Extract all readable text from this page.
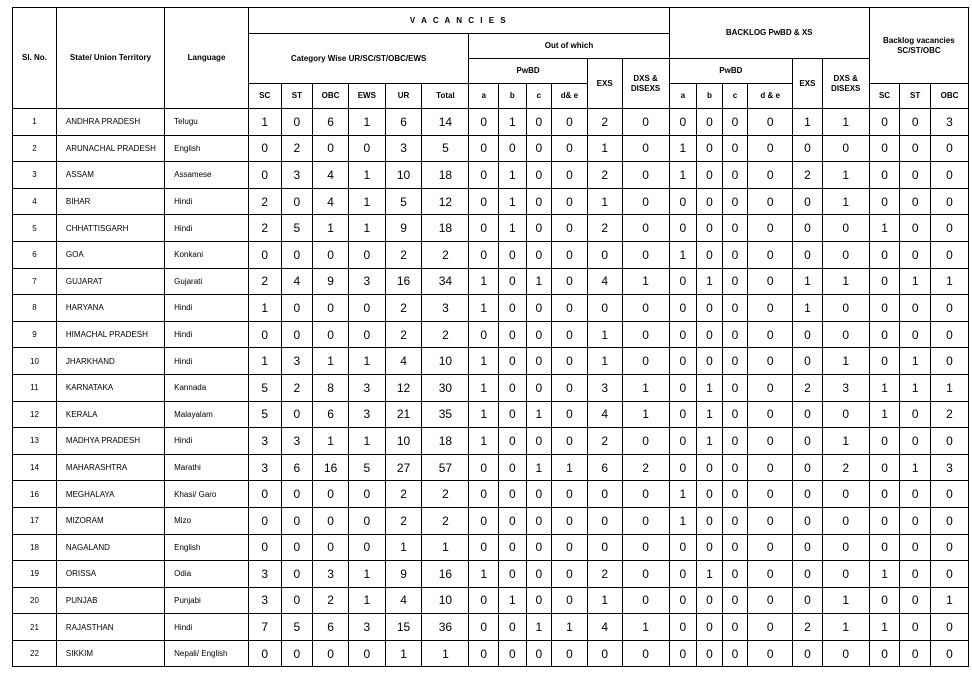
Sl. No.	State/ Union Territory	Language	V A C A N C I E S												BACKLOG PwBD & XS						Backlog vacancies SC/ST/OBC		
			Category Wise UR/SC/ST/OBC/EWS						Out of which														
									PwBD				EXS	DXS & DISEXS	PwBD				EXS	DXS & DISEXS			
			SC	ST	OBC	EWS	UR	Total	a	b	c	d& e			a	b	c	d & e			SC	ST	OBC
1	ANDHRA PRADESH	Telugu	1	0	6	1	6	14	0	1	0	0	2	0	0	0	0	0	1	1	0	0	3
2	ARUNACHAL PRADESH	English	0	2	0	0	3	5	0	0	0	0	1	0	1	0	0	0	0	0	0	0	0
3	ASSAM	Assamese	0	3	4	1	10	18	0	1	0	0	2	0	1	0	0	0	2	1	0	0	0
4	BIHAR	Hindi	2	0	4	1	5	12	0	1	0	0	1	0	0	0	0	0	0	1	0	0	0
5	CHHATTISGARH	Hindi	2	5	1	1	9	18	0	1	0	0	2	0	0	0	0	0	0	0	1	0	0
6	GOA	Konkani	0	0	0	0	2	2	0	0	0	0	0	0	1	0	0	0	0	0	0	0	0
7	GUJARAT	Gujarati	2	4	9	3	16	34	1	0	1	0	4	1	0	1	0	0	1	1	0	1	1
8	HARYANA	Hindi	1	0	0	0	2	3	1	0	0	0	0	0	0	0	0	0	1	0	0	0	0
9	HIMACHAL PRADESH	Hindi	0	0	0	0	2	2	0	0	0	0	1	0	0	0	0	0	0	0	0	0	0
10	JHARKHAND	Hindi	1	3	1	1	4	10	1	0	0	0	1	0	0	0	0	0	0	1	0	1	0
11	KARNATAKA	Kannada	5	2	8	3	12	30	1	0	0	0	3	1	0	1	0	0	2	3	1	1	1
12	KERALA	Malayalam	5	0	6	3	21	35	1	0	1	0	4	1	0	1	0	0	0	0	1	0	2
13	MADHYA PRADESH	Hindi	3	3	1	1	10	18	1	0	0	0	2	0	0	1	0	0	0	1	0	0	0
14	MAHARASHTRA	Marathi	3	6	16	5	27	57	0	0	1	1	6	2	0	0	0	0	0	2	0	1	3
16	MEGHALAYA	Khasi/ Garo	0	0	0	0	2	2	0	0	0	0	0	0	1	0	0	0	0	0	0	0	0
17	MIZORAM	Mizo	0	0	0	0	2	2	0	0	0	0	0	0	1	0	0	0	0	0	0	0	0
18	NAGALAND	English	0	0	0	0	1	1	0	0	0	0	0	0	0	0	0	0	0	0	0	0	0
19	ORISSA	Odia	3	0	3	1	9	16	1	0	0	0	2	0	0	1	0	0	0	0	1	0	0
20	PUNJAB	Punjabi	3	0	2	1	4	10	0	1	0	0	1	0	0	0	0	0	0	1	0	0	1
21	RAJASTHAN	Hindi	7	5	6	3	15	36	0	0	1	1	4	1	0	0	0	0	2	1	1	0	0
22	SIKKIM	Nepali/ English	0	0	0	0	1	1	0	0	0	0	0	0	0	0	0	0	0	0	0	0	0
